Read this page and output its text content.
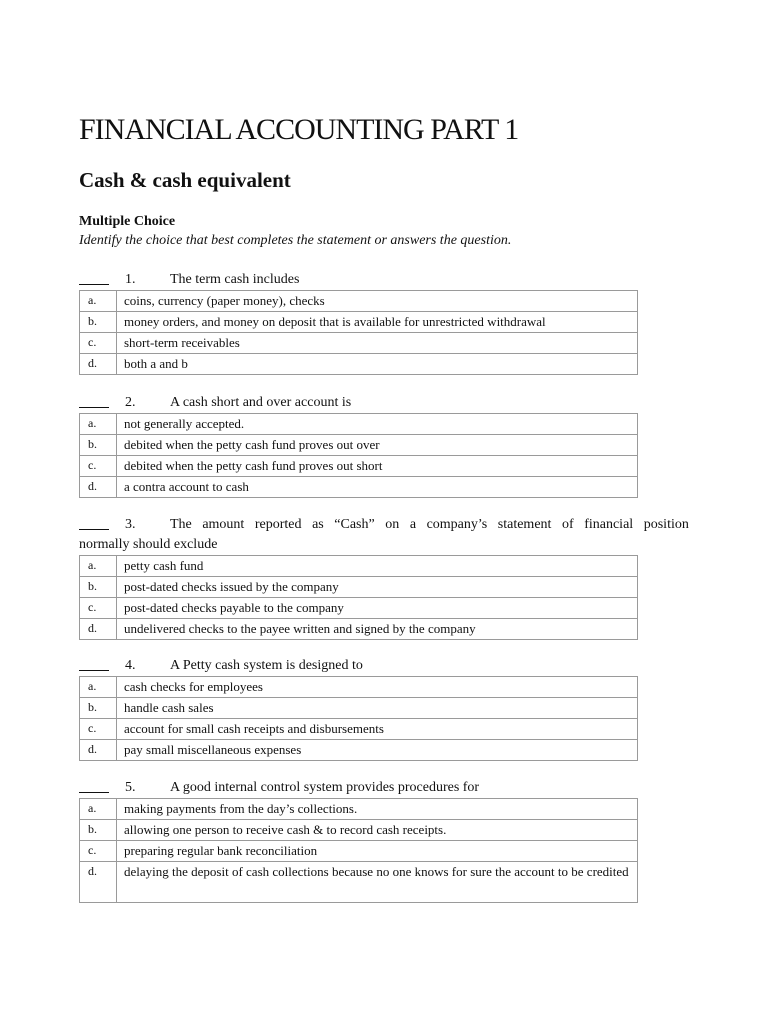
FINANCIAL ACCOUNTING PART 1
Cash & cash equivalent
Multiple Choice
Identify the choice that best completes the statement or answers the question.
1. The term cash includes
a.	coins, currency (paper money), checks
b.	money orders, and money on deposit that is available for unrestricted withdrawal
c.	short-term receivables
d.	both a and b
2. A cash short and over account is
a.	not generally accepted.
b.	debited when the petty cash fund proves out over
c.	debited when the petty cash fund proves out short
d.	a contra account to cash
3. The amount reported as “Cash” on a company’s statement of financial position
normally should exclude
a.	petty cash fund
b.	post-dated checks issued by the company
c.	post-dated checks payable to the company
d.	undelivered checks to the payee written and signed by the company
4. A Petty cash system is designed to
a.	cash checks for employees
b.	handle cash sales
c.	account for small cash receipts and disbursements
d.	pay small miscellaneous expenses
5. A good internal control system provides procedures for
a.	making payments from the day’s collections.
b.	allowing one person to receive cash & to record cash receipts.
c.	preparing regular bank reconciliation
d.	delaying the deposit of cash collections because no one knows for sure the account to be credited
